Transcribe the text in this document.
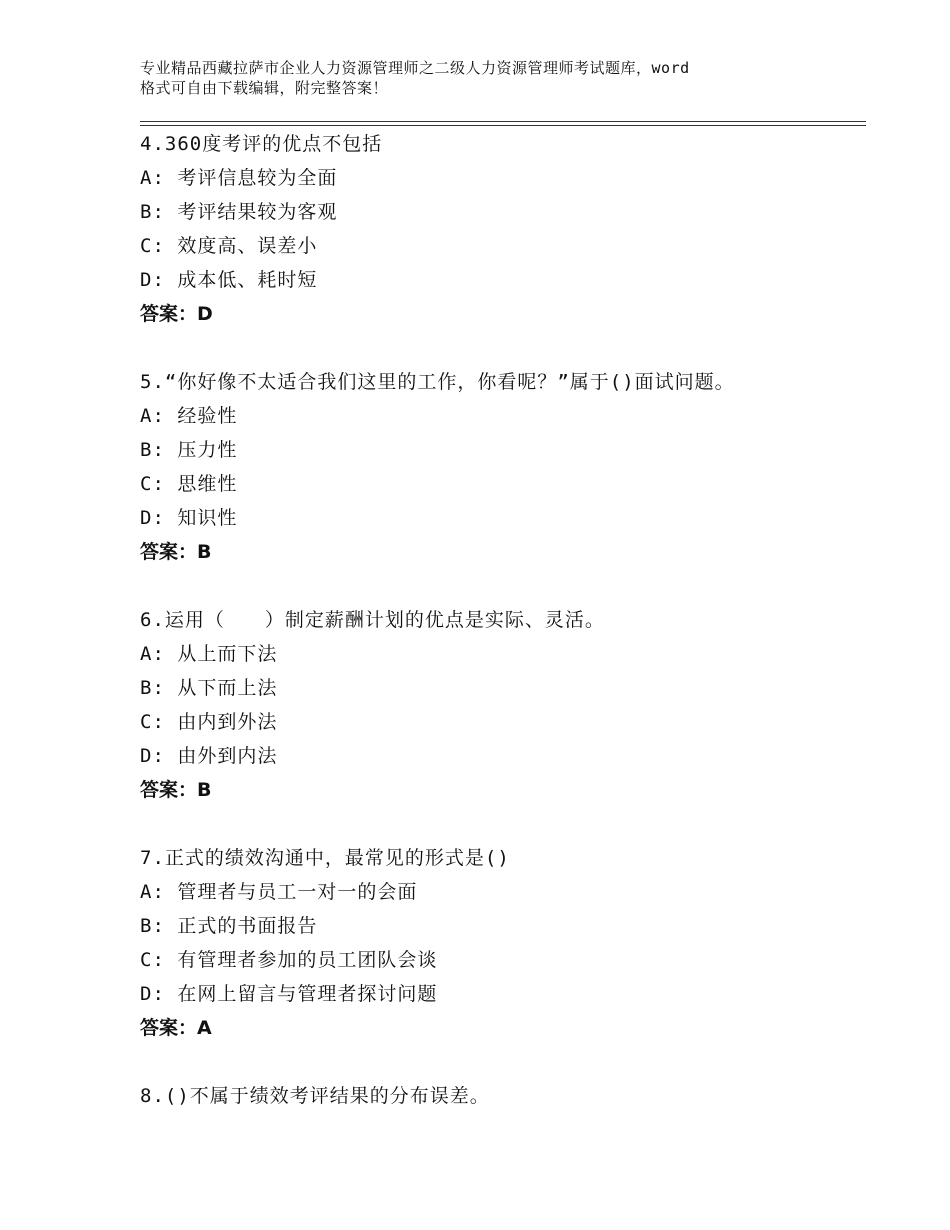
专业精品西藏拉萨市企业人力资源管理师之二级人力资源管理师考试题库，word
格式可自由下载编辑，附完整答案！
4.360度考评的优点不包括
A: 考评信息较为全面
B: 考评结果较为客观
C: 效度高、误差小
D: 成本低、耗时短
答案：D
5.“你好像不太适合我们这里的工作，你看呢？”属于()面试问题。
A: 经验性
B: 压力性
C: 思维性
D: 知识性
答案：B
6.运用（　　）制定薪酬计划的优点是实际、灵活。
A: 从上而下法
B: 从下而上法
C: 由内到外法
D: 由外到内法
答案：B
7.正式的绩效沟通中，最常见的形式是()
A: 管理者与员工一对一的会面
B: 正式的书面报告
C: 有管理者参加的员工团队会谈
D: 在网上留言与管理者探讨问题
答案：A
8.()不属于绩效考评结果的分布误差。
